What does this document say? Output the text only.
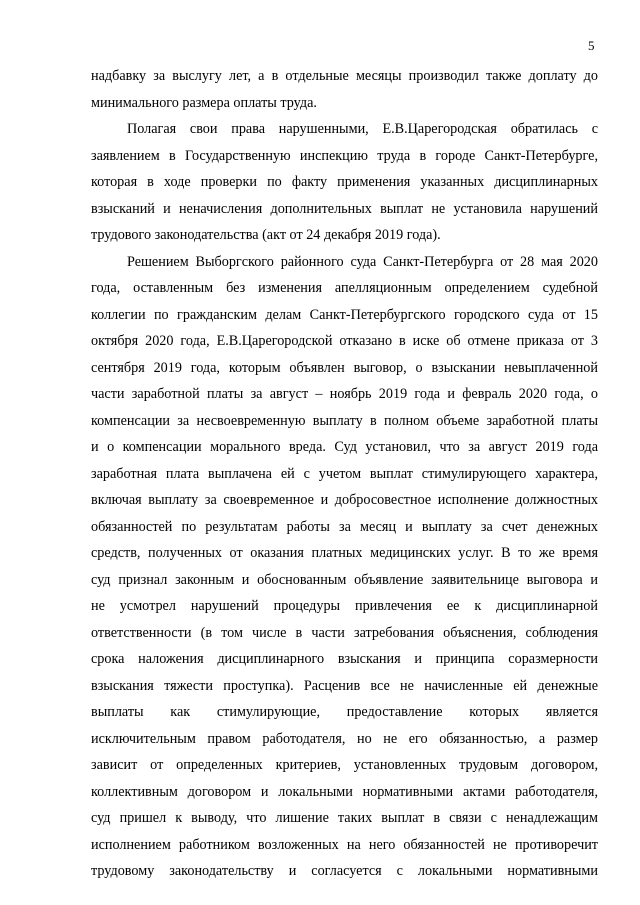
5
надбавку за выслугу лет, а в отдельные месяцы производил также доплату до
минимального размера оплаты труда.
Полагая свои права нарушенными, Е.В.Царегородская обратилась с
заявлением в Государственную инспекцию труда в городе Санкт-Петербурге,
которая в ходе проверки по факту применения указанных дисциплинарных
взысканий и неначисления дополнительных выплат не установила нарушений
трудового законодательства (акт от 24 декабря 2019 года).
Решением Выборгского районного суда Санкт-Петербурга от 28 мая 2020
года, оставленным без изменения апелляционным определением судебной
коллегии по гражданским делам Санкт-Петербургского городского суда от 15
октября 2020 года, Е.В.Царегородской отказано в иске об отмене приказа от 3
сентября 2019 года, которым объявлен выговор, о взыскании невыплаченной
части заработной платы за август – ноябрь 2019 года и февраль 2020 года, о
компенсации за несвоевременную выплату в полном объеме заработной платы
и о компенсации морального вреда. Суд установил, что за август 2019 года
заработная плата выплачена ей с учетом выплат стимулирующего характера,
включая выплату за своевременное и добросовестное исполнение должностных
обязанностей по результатам работы за месяц и выплату за счет денежных
средств, полученных от оказания платных медицинских услуг. В то же время
суд признал законным и обоснованным объявление заявительнице выговора и
не усмотрел нарушений процедуры привлечения ее к дисциплинарной
ответственности (в том числе в части затребования объяснения, соблюдения
срока наложения дисциплинарного взыскания и принципа соразмерности
взыскания тяжести проступка). Расценив все не начисленные ей денежные
выплаты как стимулирующие, предоставление которых является
исключительным правом работодателя, но не его обязанностью, а размер
зависит от определенных критериев, установленных трудовым договором,
коллективным договором и локальными нормативными актами работодателя,
суд пришел к выводу, что лишение таких выплат в связи с ненадлежащим
исполнением работником возложенных на него обязанностей не противоречит
трудовому законодательству и согласуется с локальными нормативными
